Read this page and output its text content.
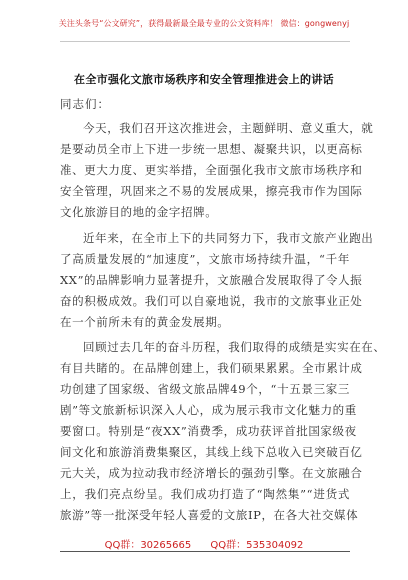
关注头条号“公文研究”，获得最新最全最专业的公文资料库！ 微信：gongwenyj
在全市强化文旅市场秩序和安全管理推进会上的讲话
同志们：
今天，我们召开这次推进会，主题鲜明、意义重大，就
是要动员全市上下进一步统一思想、凝聚共识，以更高标
准、更大力度、更实举措，全面强化我市文旅市场秩序和
安全管理，巩固来之不易的发展成果，擦亮我市作为国际
文化旅游目的地的金字招牌。
近年来，在全市上下的共同努力下，我市文旅产业跑出
了高质量发展的“加速度”，文旅市场持续升温，“千年
XX”的品牌影响力显著提升，文旅融合发展取得了令人振
奋的积极成效。我们可以自豪地说，我市的文旅事业正处
在一个前所未有的黄金发展期。
回顾过去几年的奋斗历程，我们取得的成绩是实实在在、
有目共睹的。在品牌创建上，我们硕果累累。全市累计成
功创建了国家级、省级文旅品牌49个，“十五景三家三
剧”等文旅新标识深入人心，成为展示我市文化魅力的重
要窗口。特别是“夜XX”消费季，成功获评首批国家级夜
间文化和旅游消费集聚区，其线上线下总收入已突破百亿
元大关，成为拉动我市经济增长的强劲引擎。在文旅融合
上，我们亮点纷呈。我们成功打造了“陶然集”“进货式
旅游”等一批深受年轻人喜爱的文旅IP，在各大社交媒体
QQ群：30265665 QQ群：535304092
